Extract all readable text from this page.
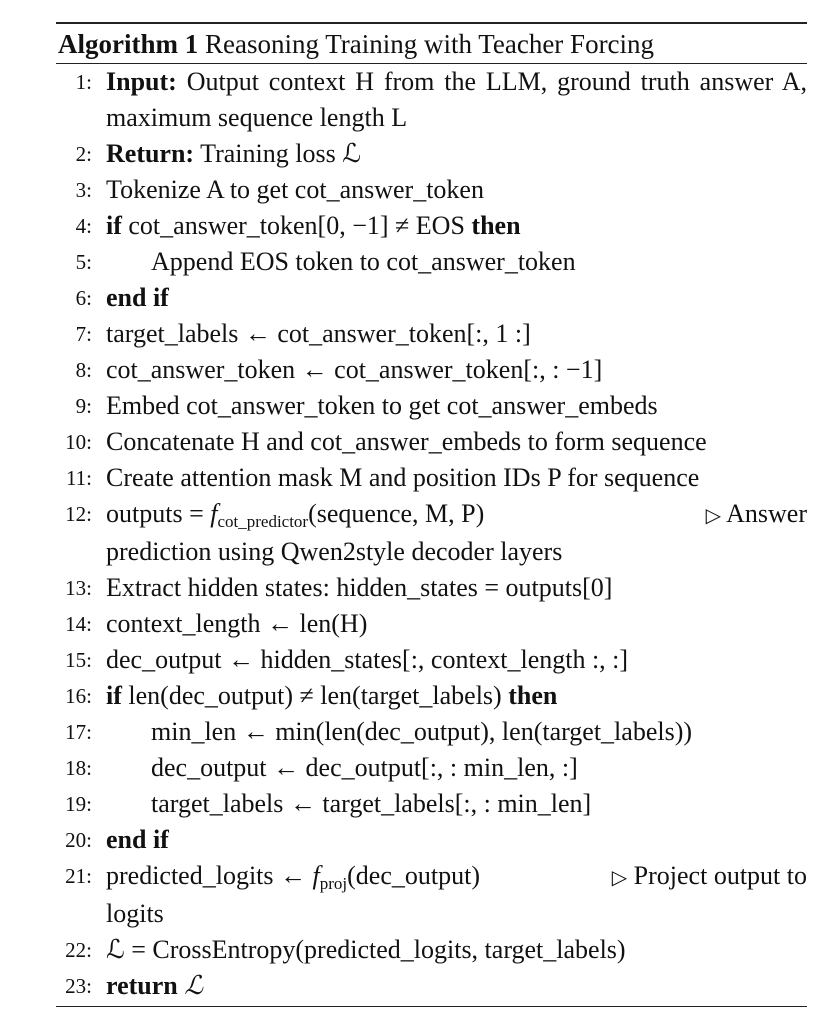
Algorithm 1 Reasoning Training with Teacher Forcing
1: Input: Output context H from the LLM, ground truth answer A, maximum sequence length L
2: Return: Training loss ℒ
3: Tokenize A to get cot_answer_token
4: if cot_answer_token[0, −1] ≠ EOS then
5: Append EOS token to cot_answer_token
6: end if
7: target_labels ← cot_answer_token[:, 1 :]
8: cot_answer_token ← cot_answer_token[:, : −1]
9: Embed cot_answer_token to get cot_answer_embeds
10: Concatenate H and cot_answer_embeds to form sequence
11: Create attention mask M and position IDs P for sequence
12: outputs = $f_{cot\_predictor}(sequence$, M, P)	▷ Answer
prediction using Qwen2style decoder layers
13: Extract hidden states: hidden_states = outputs[0]
14: context_length ← len(H)
15: dec_output ← hidden_states[:, context_length :, :]
16: if len(dec_output) ≠ len(target_labels) then
17: min_len ← min(len(dec_output), len(target_labels))
18: dec_output ← dec_output[:, : min_len, :]
19: target_labels ← target_labels[:, : min_len]
20: end if
21: predicted_logits ← $f_{proj}(dec\_output)$	▷ Project output to
logits
22: ℒ = CrossEntropy(predicted_logits, target_labels)
23: return ℒ
